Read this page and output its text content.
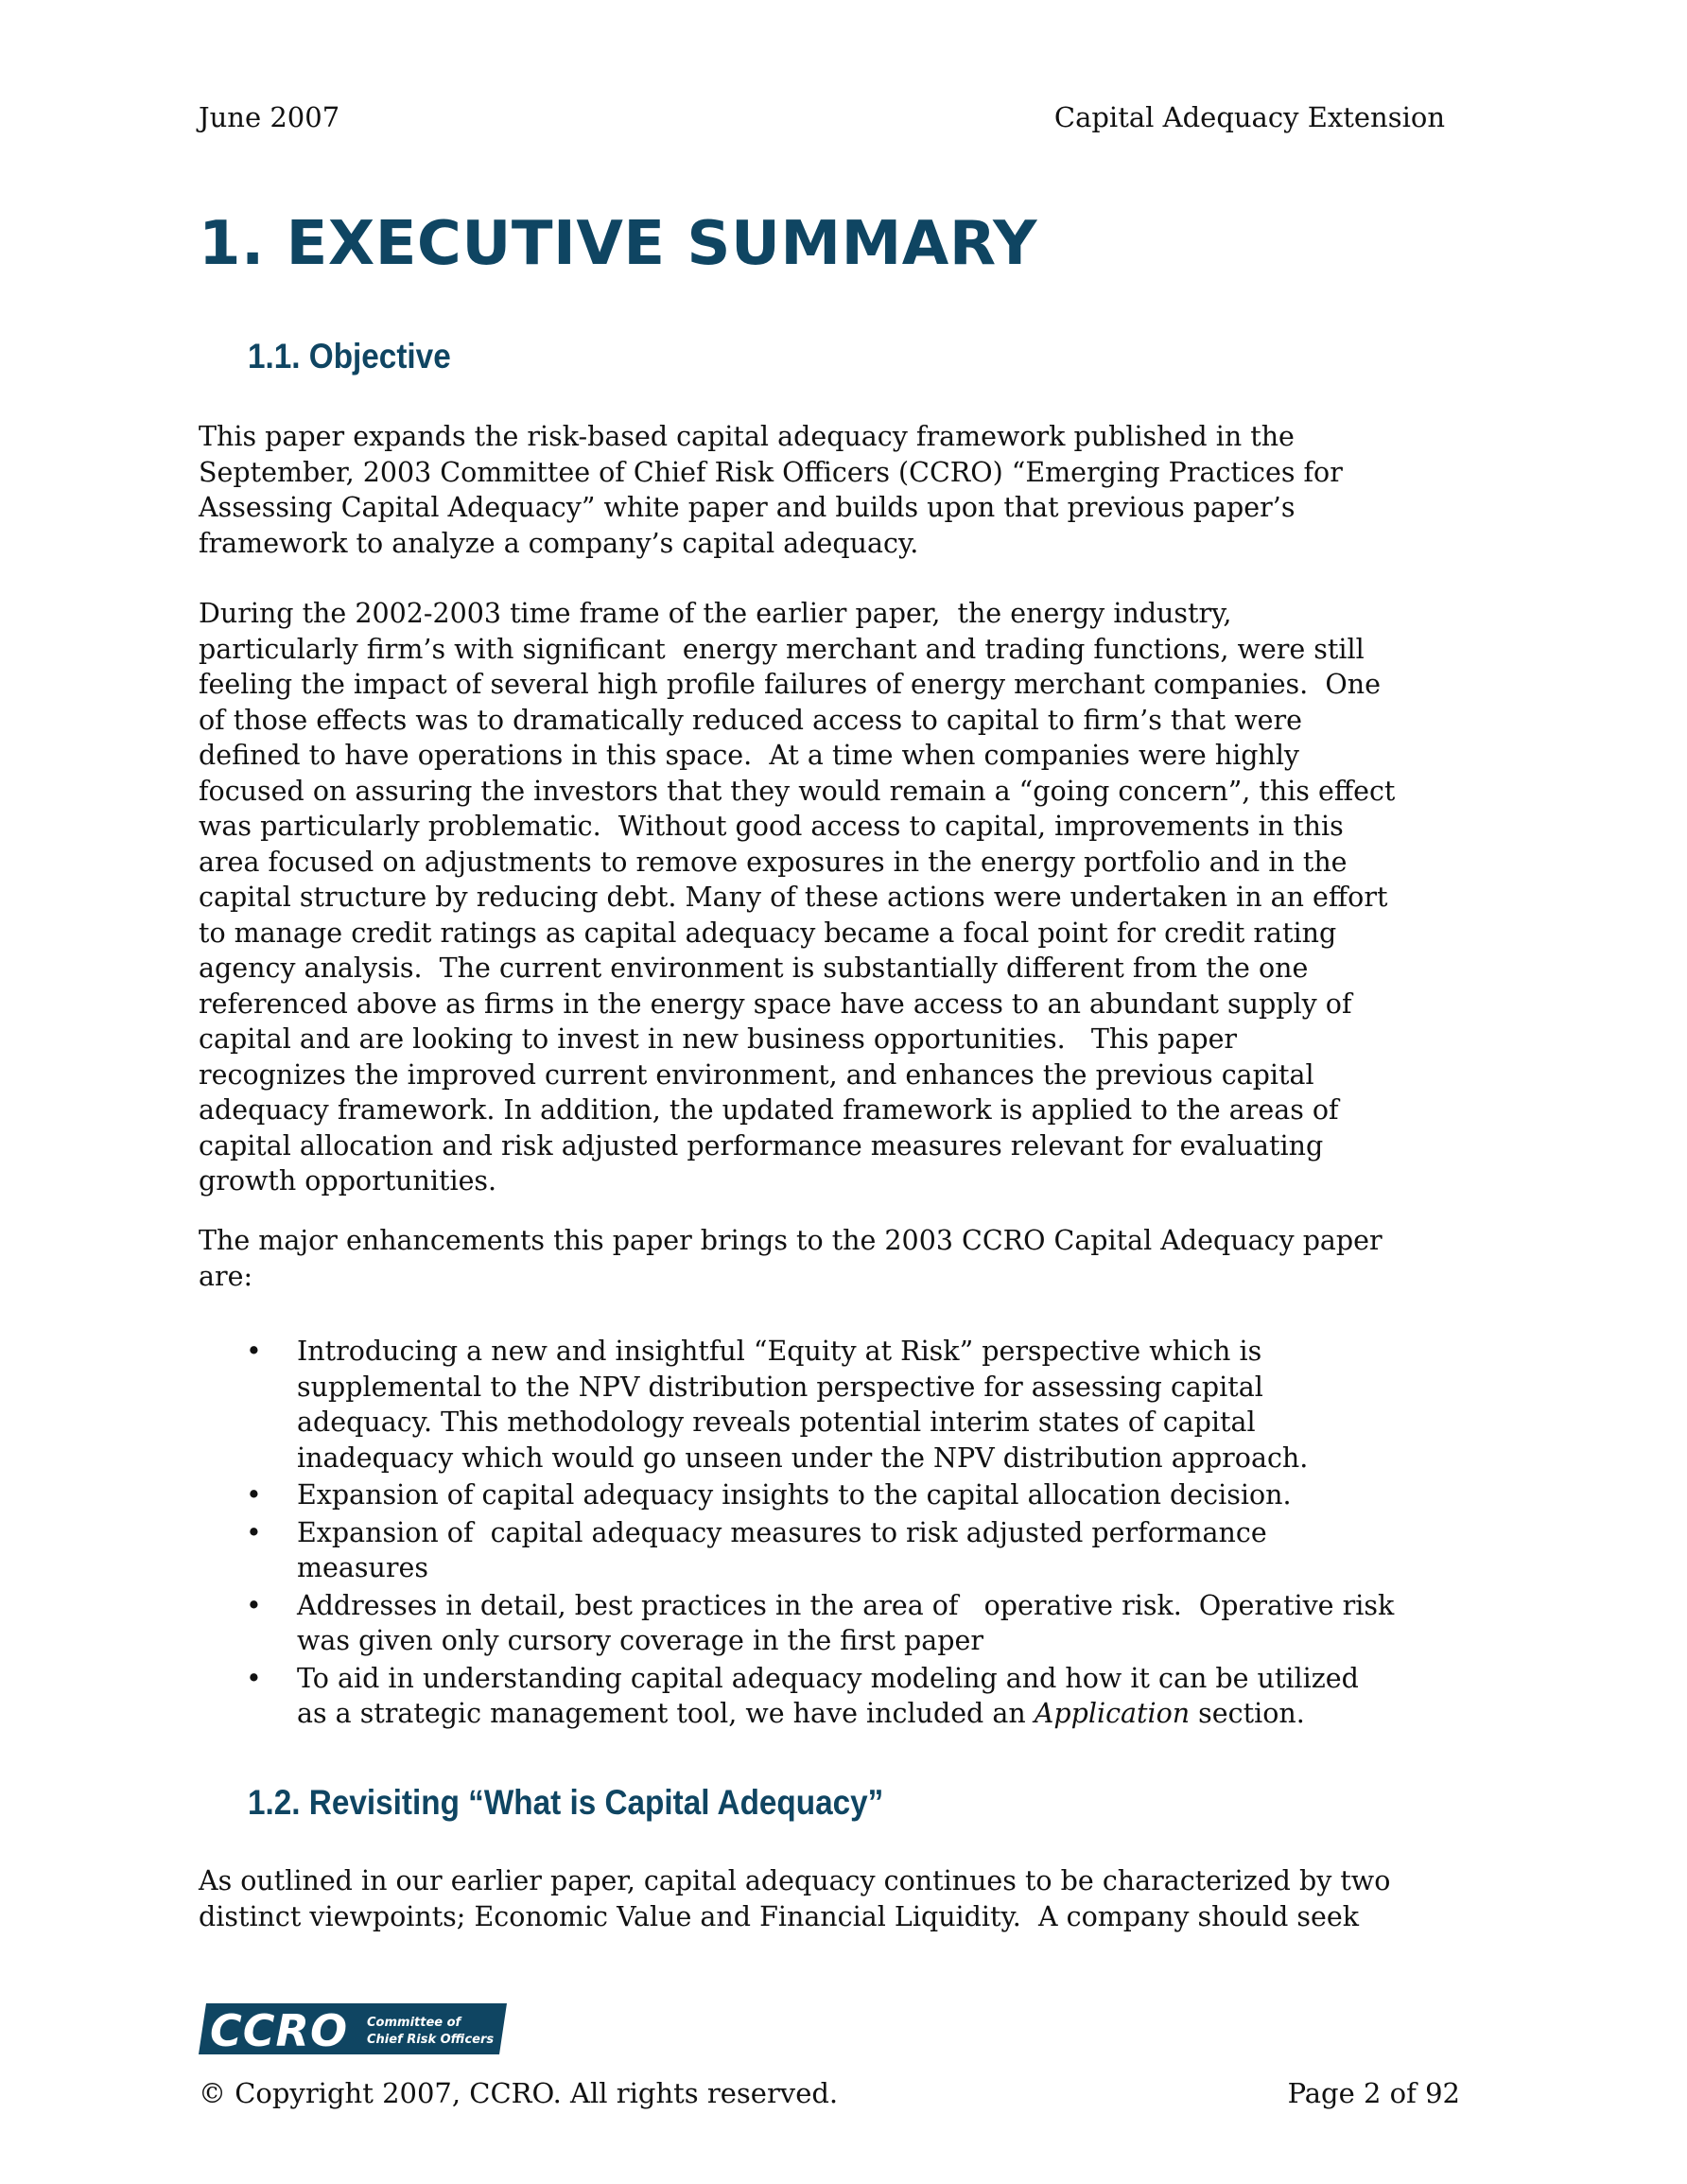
June 2007	Capital Adequacy Extension
1. EXECUTIVE SUMMARY
1.1. Objective
This paper expands the risk-based capital adequacy framework published in the
September, 2003 Committee of Chief Risk Officers (CCRO) “Emerging Practices for
Assessing Capital Adequacy” white paper and builds upon that previous paper’s
framework to analyze a company’s capital adequacy.
During the 2002-2003 time frame of the earlier paper,  the energy industry,
particularly firm’s with significant  energy merchant and trading functions, were still
feeling the impact of several high profile failures of energy merchant companies.  One
of those effects was to dramatically reduced access to capital to firm’s that were
defined to have operations in this space.  At a time when companies were highly
focused on assuring the investors that they would remain a “going concern”, this effect
was particularly problematic.  Without good access to capital, improvements in this
area focused on adjustments to remove exposures in the energy portfolio and in the
capital structure by reducing debt. Many of these actions were undertaken in an effort
to manage credit ratings as capital adequacy became a focal point for credit rating
agency analysis.  The current environment is substantially different from the one
referenced above as firms in the energy space have access to an abundant supply of
capital and are looking to invest in new business opportunities.   This paper
recognizes the improved current environment, and enhances the previous capital
adequacy framework. In addition, the updated framework is applied to the areas of
capital allocation and risk adjusted performance measures relevant for evaluating
growth opportunities.
The major enhancements this paper brings to the 2003 CCRO Capital Adequacy paper
are:
• Introducing a new and insightful “Equity at Risk” perspective which is
supplemental to the NPV distribution perspective for assessing capital
adequacy. This methodology reveals potential interim states of capital
inadequacy which would go unseen under the NPV distribution approach.
• Expansion of capital adequacy insights to the capital allocation decision.
• Expansion of  capital adequacy measures to risk adjusted performance
measures
• Addresses in detail, best practices in the area of   operative risk.  Operative risk
was given only cursory coverage in the first paper
• To aid in understanding capital adequacy modeling and how it can be utilized
as a strategic management tool, we have included an Application section.
1.2. Revisiting “What is Capital Adequacy”
As outlined in our earlier paper, capital adequacy continues to be characterized by two
distinct viewpoints; Economic Value and Financial Liquidity.  A company should seek
CCRO Committee of
Chief Risk Officers
© Copyright 2007, CCRO. All rights reserved.	Page 2 of 92
